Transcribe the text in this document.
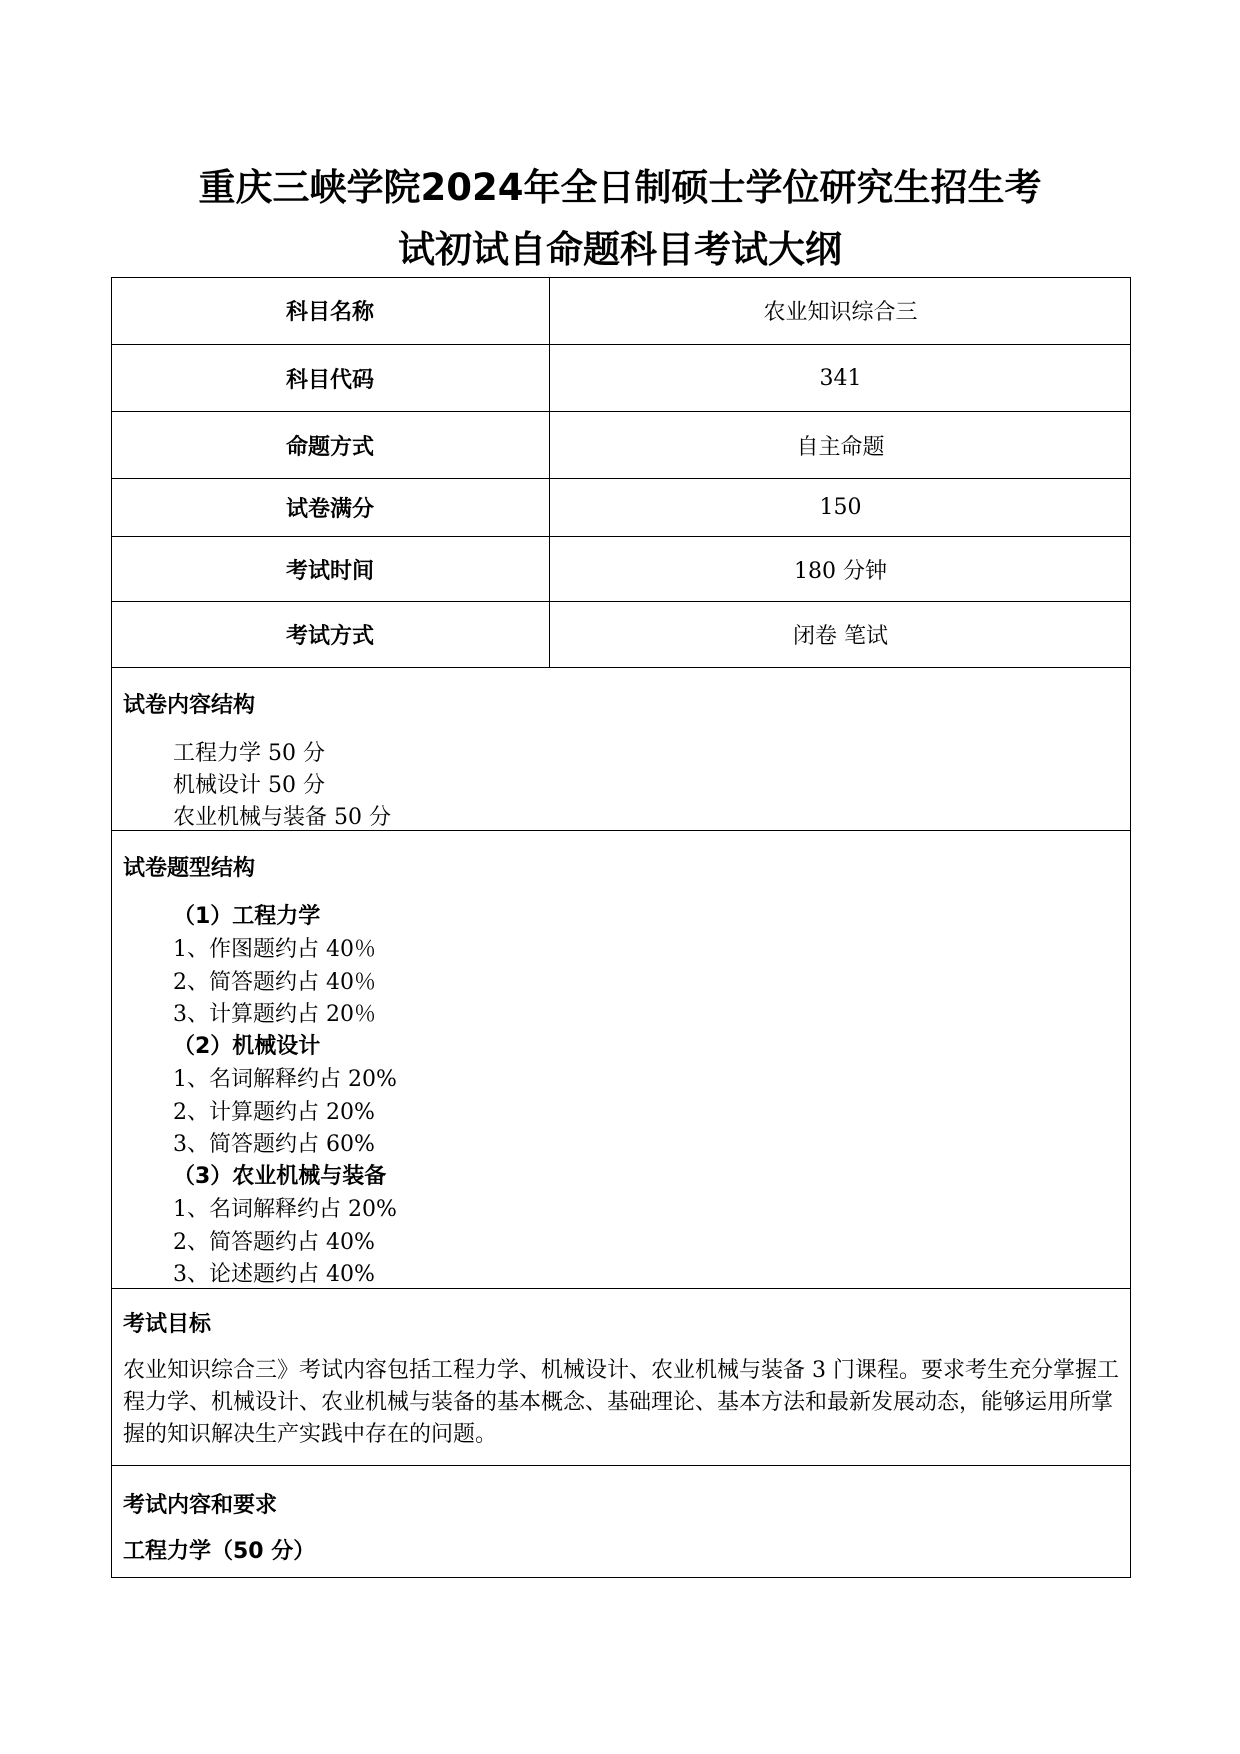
重庆三峡学院2024年全日制硕士学位研究生招生考
试初试自命题科目考试大纲
科目名称	农业知识综合三
科目代码	341
命题方式	自主命题
试卷满分	150
考试时间	180 分钟
考试方式	闭卷 笔试
试卷内容结构
工程力学 50 分
机械设计 50 分
农业机械与装备 50 分
试卷题型结构
（1）工程力学
1、作图题约占 40％
2、简答题约占 40％
3、计算题约占 20％
（2）机械设计
1、名词解释约占 20%
2、计算题约占 20%
3、简答题约占 60%
（3）农业机械与装备
1、名词解释约占 20%
2、简答题约占 40%
3、论述题约占 40%
考试目标
农业知识综合三》考试内容包括工程力学、机械设计、农业机械与装备 3 门课程。要求考生充分掌握工程力学、机械设计、农业机械与装备的基本概念、基础理论、基本方法和最新发展动态，能够运用所掌握的知识解决生产实践中存在的问题。
考试内容和要求
工程力学（50 分）
